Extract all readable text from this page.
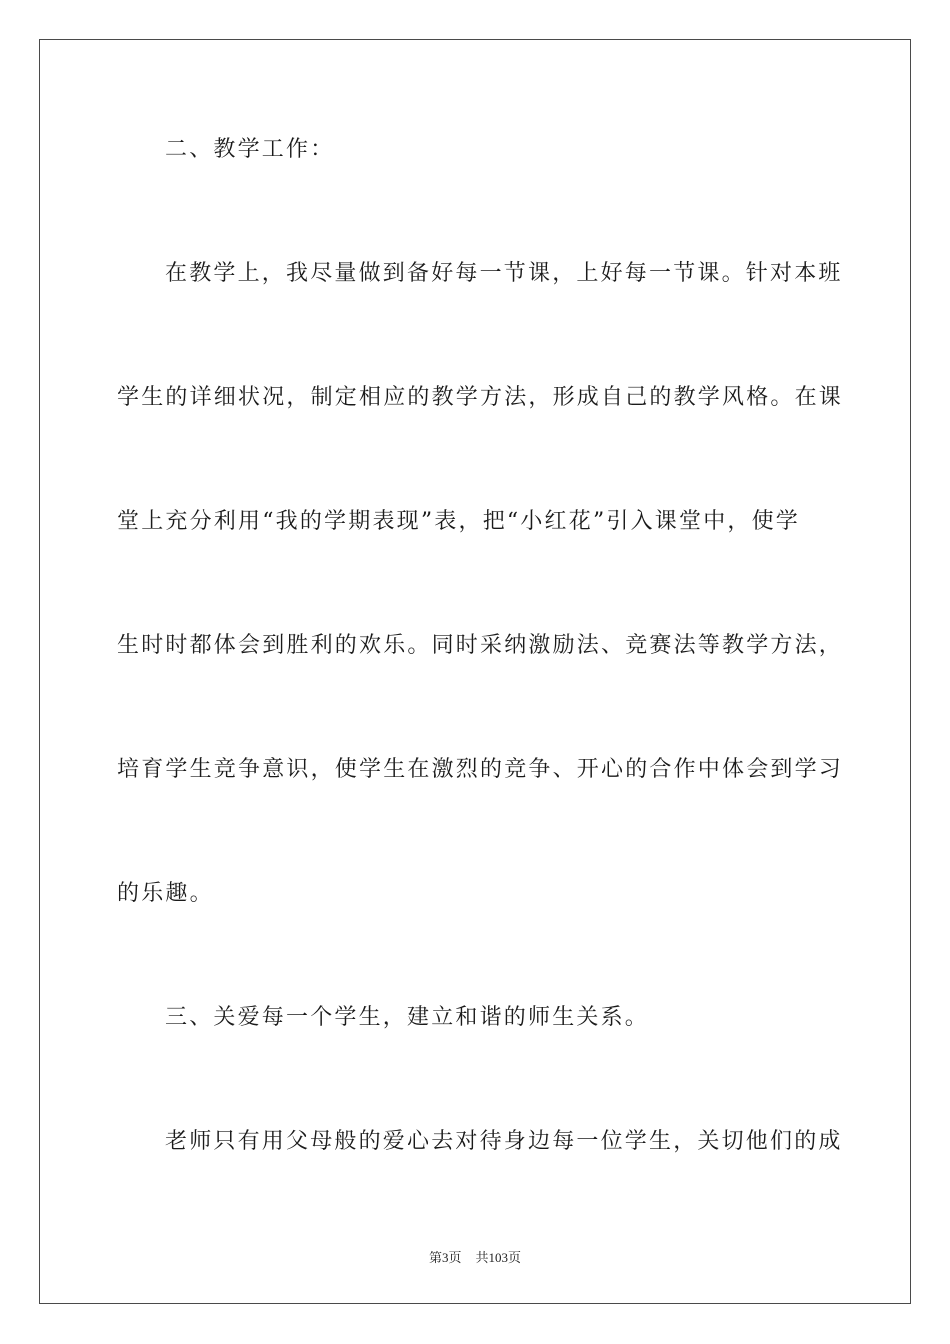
二、教学工作：
在教学上，我尽量做到备好每一节课，上好每一节课。针对本班
学生的详细状况，制定相应的教学方法，形成自己的教学风格。在课
堂上充分利用“我的学期表现”表，把“小红花”引入课堂中，使学
生时时都体会到胜利的欢乐。同时采纳激励法、竞赛法等教学方法，
培育学生竞争意识，使学生在激烈的竞争、开心的合作中体会到学习
的乐趣。
三、关爱每一个学生，建立和谐的师生关系。
老师只有用父母般的爱心去对待身边每一位学生，关切他们的成
第3页 共103页
